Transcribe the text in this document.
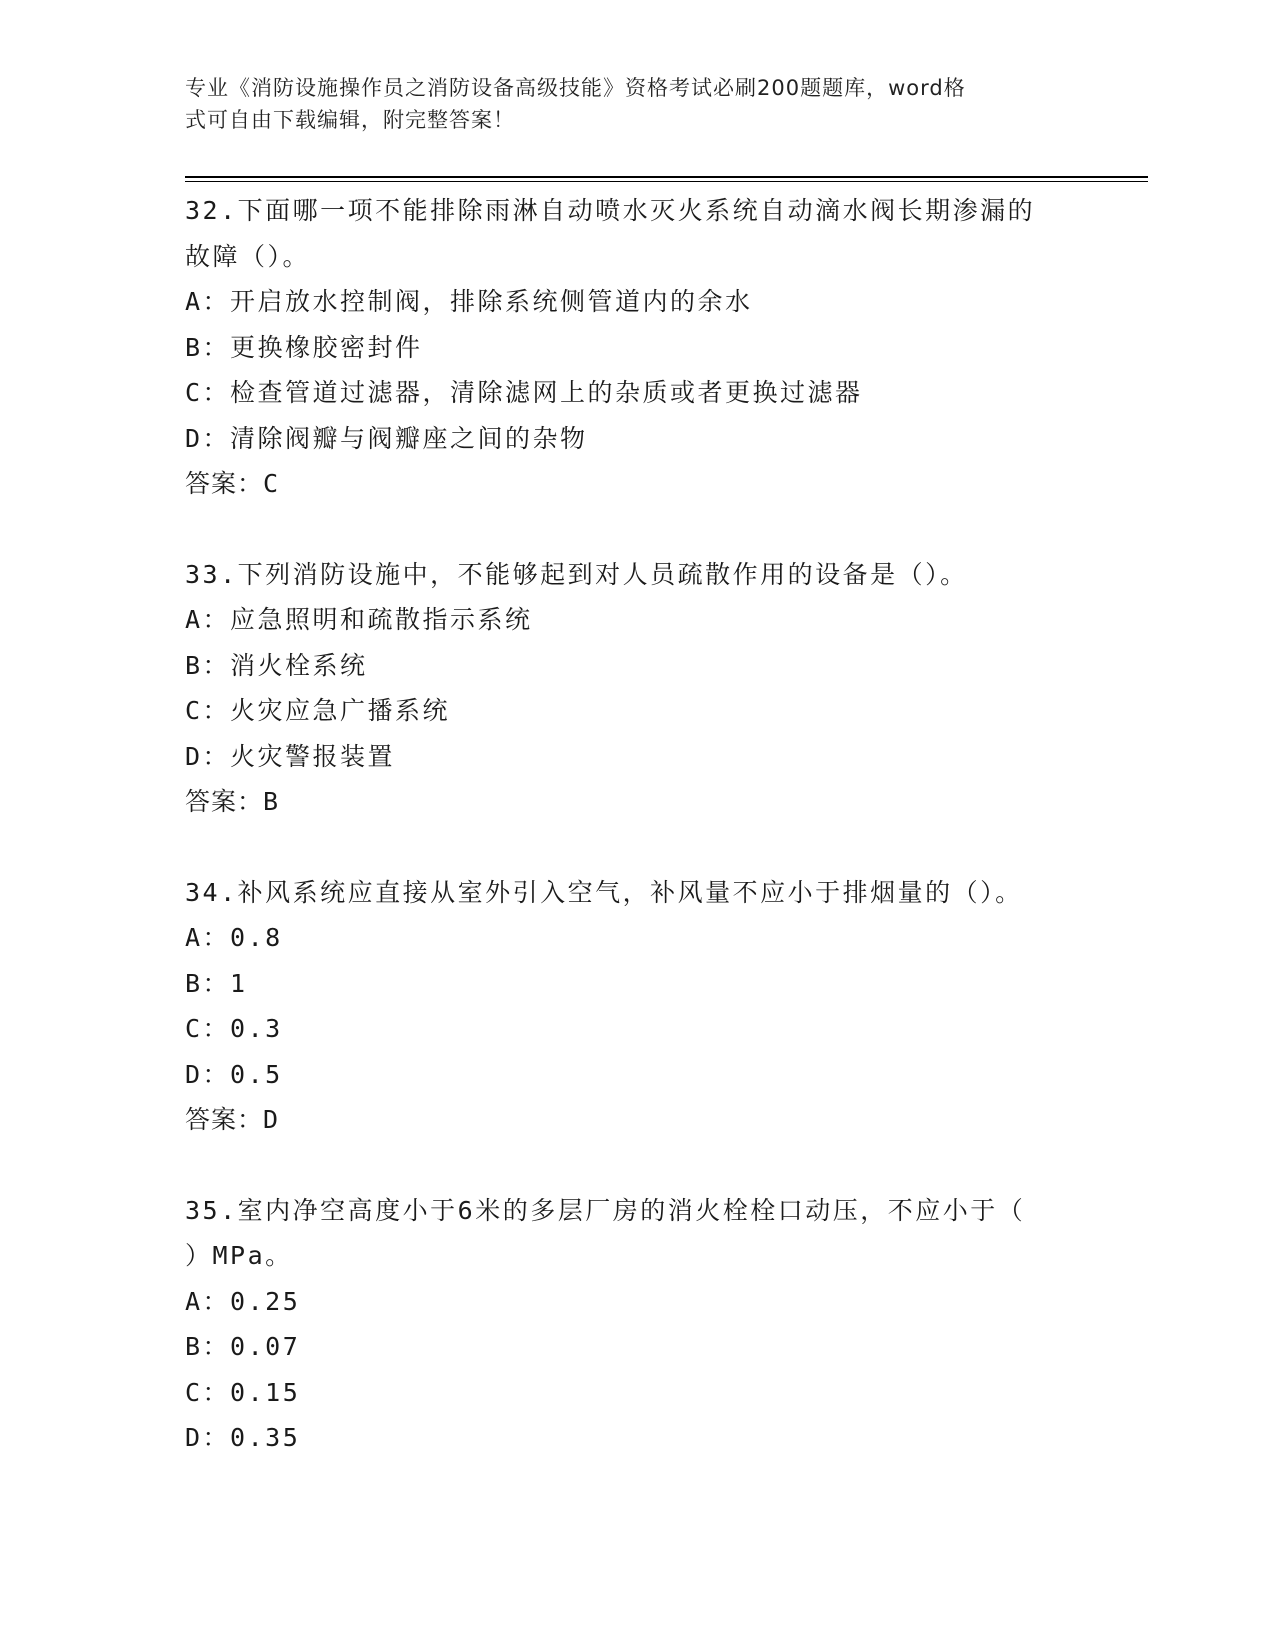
专业《消防设施操作员之消防设备高级技能》资格考试必刷200题题库，word格
式可自由下载编辑，附完整答案！
32.下面哪一项不能排除雨淋自动喷水灭火系统自动滴水阀长期渗漏的
故障（）。
A：开启放水控制阀，排除系统侧管道内的余水
B：更换橡胶密封件
C：检查管道过滤器，清除滤网上的杂质或者更换过滤器
D：清除阀瓣与阀瓣座之间的杂物
答案：C
33.下列消防设施中，不能够起到对人员疏散作用的设备是（）。
A：应急照明和疏散指示系统
B：消火栓系统
C：火灾应急广播系统
D：火灾警报装置
答案：B
34.补风系统应直接从室外引入空气，补风量不应小于排烟量的（）。
A：0.8
B：1
C：0.3
D：0.5
答案：D
35.室内净空高度小于6米的多层厂房的消火栓栓口动压，不应小于（
）MPa。
A：0.25
B：0.07
C：0.15
D：0.35
